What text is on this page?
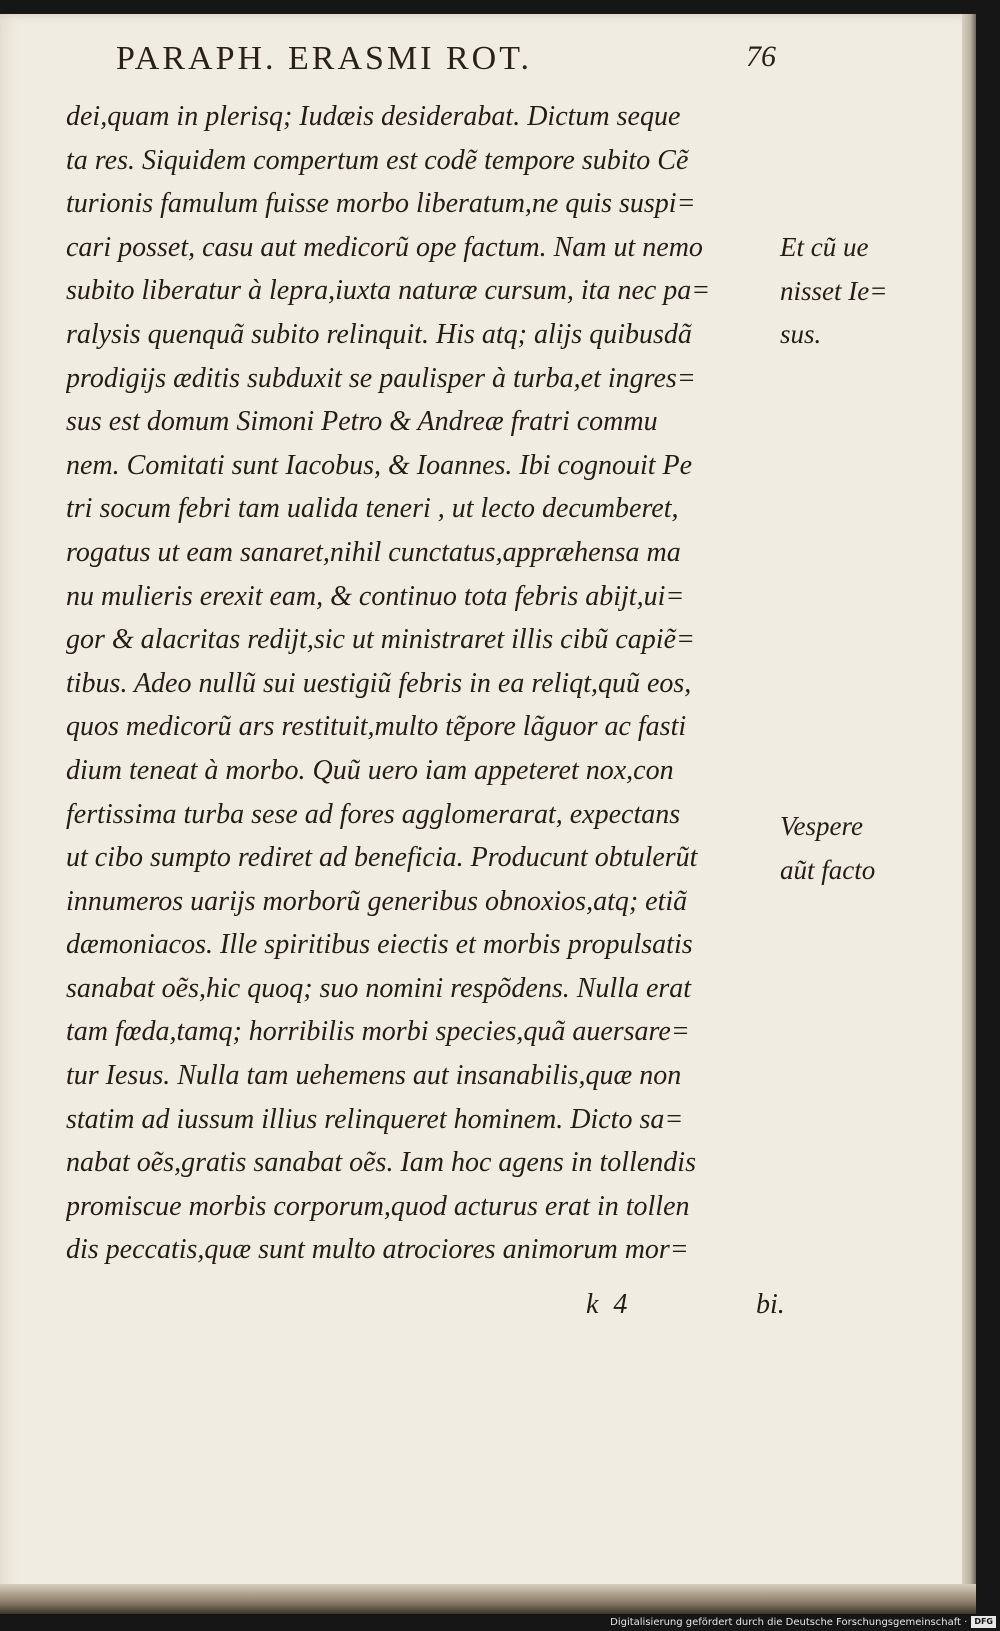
PARAPH. ERASMI ROT.	76
dei,quam in plerisq; Iudæis desiderabat. Dictum seque
ta res. Siquidem compertum est codẽ tempore subito Cẽ
turionis famulum fuisse morbo liberatum,ne quis suspi=
cari posset, casu aut medicorũ ope factum. Nam ut nemo
subito liberatur à lepra,iuxta naturæ cursum, ita nec pa=
ralysis quenquã subito relinquit. His atq; alijs quibusdã
prodigijs æditis subduxit se paulisper à turba,et ingres=
sus est domum Simoni Petro & Andreæ fratri commu
nem. Comitati sunt Iacobus, & Ioannes. Ibi cognouit Pe
tri socum febri tam ualida teneri , ut lecto decumberet,
rogatus ut eam sanaret,nihil cunctatus,appræhensa ma
nu mulieris erexit eam, & continuo tota febris abijt,ui=
gor & alacritas redijt,sic ut ministraret illis cibũ capiẽ=
tibus. Adeo nullũ sui uestigiũ febris in ea reliqt,quũ eos,
quos medicorũ ars restituit,multo tẽpore lãguor ac fasti
dium teneat à morbo. Quũ uero iam appeteret nox,con
fertissima turba sese ad fores agglomerarat, expectans
ut cibo sumpto rediret ad beneficia. Producunt obtulerũt
innumeros uarijs morborũ generibus obnoxios,atq; etiã
dæmoniacos. Ille spiritibus eiectis et morbis propulsatis
sanabat oẽs,hic quoq; suo nomini respõdens. Nulla erat
tam fœda,tamq; horribilis morbi species,quã auersare=
tur Iesus. Nulla tam uehemens aut insanabilis,quæ non
statim ad iussum illius relinqueret hominem. Dicto sa=
nabat oẽs,gratis sanabat oẽs. Iam hoc agens in tollendis
promiscue morbis corporum,quod acturus erat in tollen
dis peccatis,quæ sunt multo atrociores animorum mor=
Et cũ ue
nisset Ie=
sus.
Vespere
aũt facto
k 4	bi.
Digitalisierung gefördert durch die Deutsche Forschungsgemeinschaft · DFG
